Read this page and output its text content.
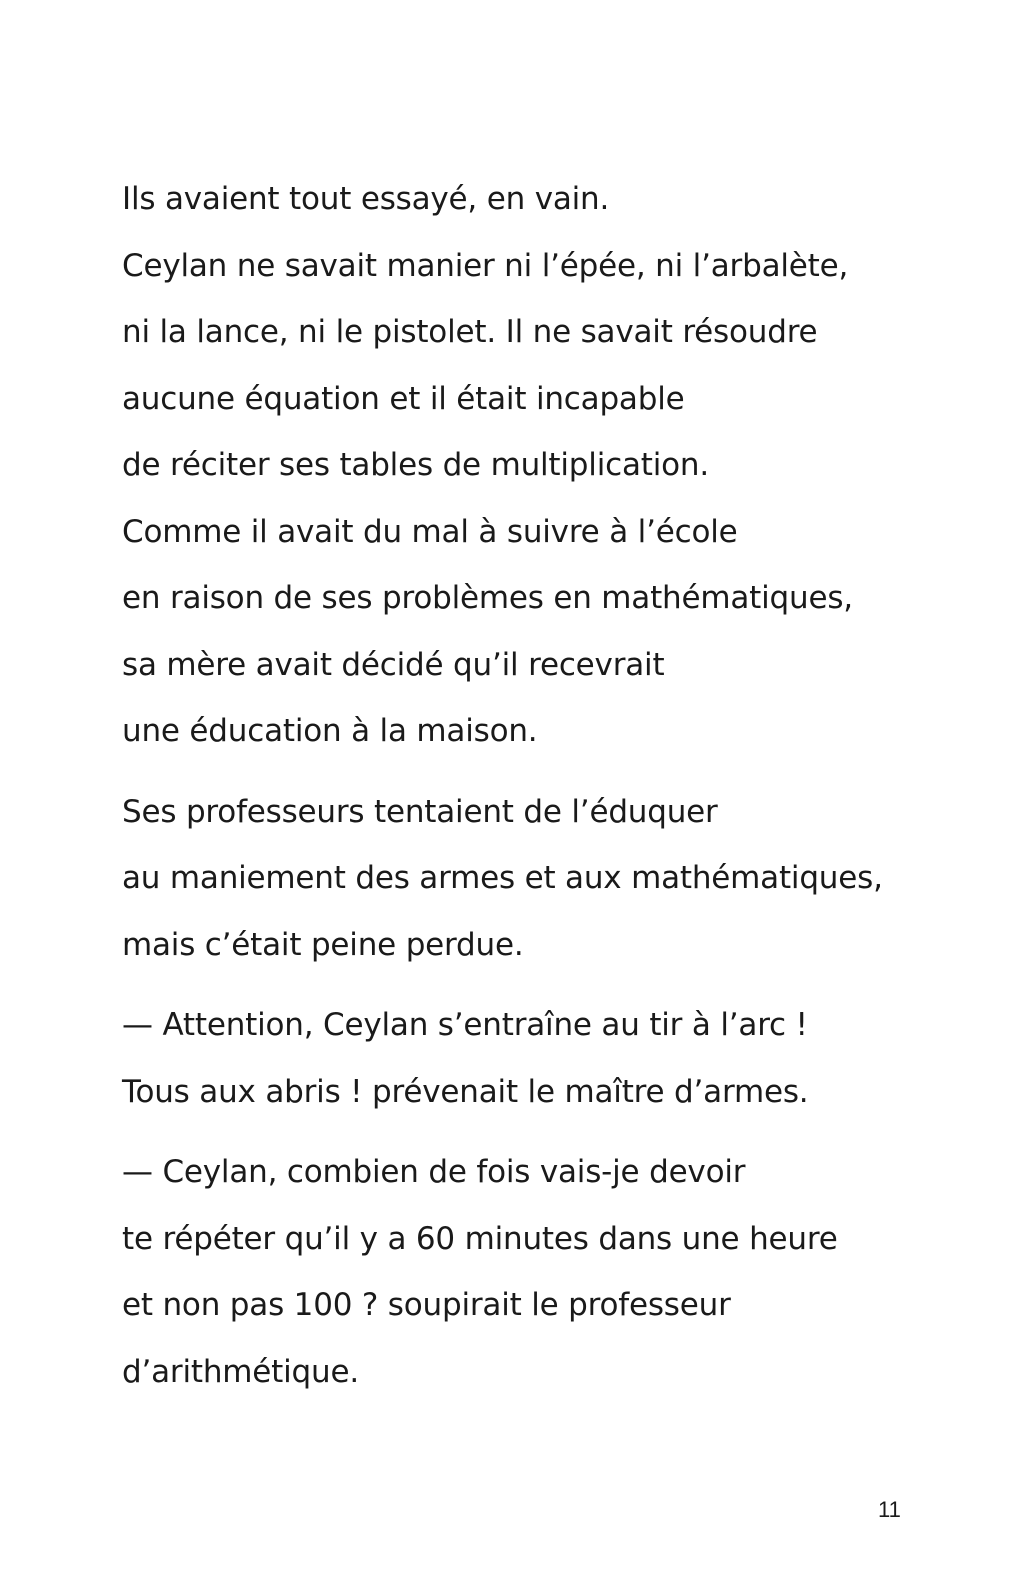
Ils avaient tout essayé, en vain.
Ceylan ne savait manier ni l’épée, ni l’arbalète,
ni la lance, ni le pistolet. Il ne savait résoudre
aucune équation et il était incapable
de réciter ses tables de multiplication.
Comme il avait du mal à suivre à l’école
en raison de ses problèmes en mathématiques,
sa mère avait décidé qu’il recevrait
une éducation à la maison.

Ses professeurs tentaient de l’éduquer
au maniement des armes et aux mathématiques,
mais c’était peine perdue.

— Attention, Ceylan s’entraîne au tir à l’arc !
Tous aux abris ! prévenait le maître d’armes.

— Ceylan, combien de fois vais-je devoir
te répéter qu’il y a 60 minutes dans une heure
et non pas 100 ? soupirait le professeur
d’arithmétique.

11
